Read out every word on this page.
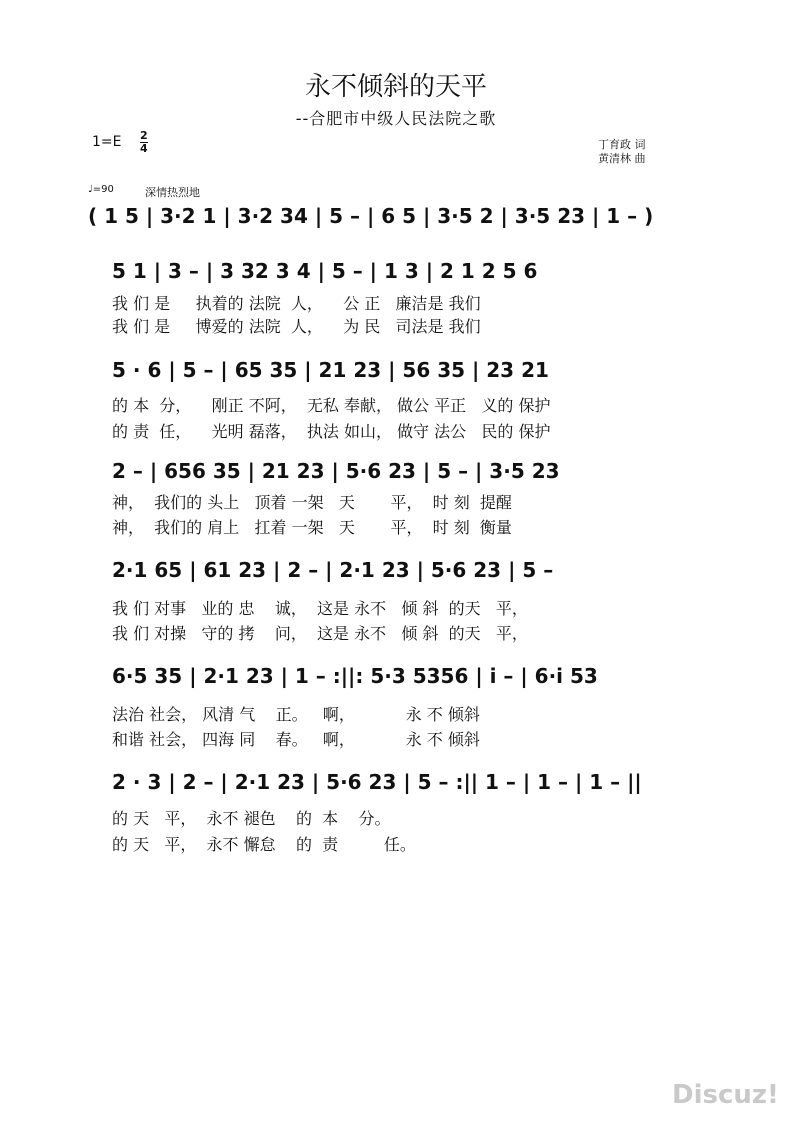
永不倾斜的天平
--合肥市中级人民法院之歌
1=E 2
4	丁育政 词
黄清林 曲
♩=90	深情热烈地
( 1 5 | 3·2 1 | 3·2 34 | 5 – | 6 5 | 3·5 2 | 3·5 23 | 1 – )
5 1 | 3 – | 3 32 3 4 | 5 – | 1 3 | 2 1 2 5 6
我 们 是     执着的 法院  人，    公 正   廉洁是 我们
我 们 是     博爱的 法院  人，    为 民   司法是 我们
5 · 6 | 5 – | 65 35 | 21 23 | 56 35 | 23 21
的 本  分，    刚正 不阿，  无私 奉献， 做公 平正   义的 保护
的 责  任，    光明 磊落，  执法 如山， 做守 法公   民的 保护
2 – | 656 35 | 21 23 | 5·6 23 | 5 – | 3·5 23
神，  我们的 头上   顶着 一架   天       平，  时 刻  提醒
神，  我们的 肩上   扛着 一架   天       平，  时 刻  衡量
2·1 65 | 61 23 | 2 – | 2·1 23 | 5·6 23 | 5 –
我 们 对事   业的 忠    诚，  这是 永不   倾 斜  的天   平，
我 们 对操   守的 拷    问，  这是 永不   倾 斜  的天   平，
6·5 35 | 2·1 23 | 1 – :||: 5·3 5356 | i – | 6·i 53
法治 社会， 风清 气    正。   啊，          永 不 倾斜
和谐 社会， 四海 同    春。   啊，          永 不 倾斜
2 · 3 | 2 – | 2·1 23 | 5·6 23 | 5 – :|| 1 – | 1 – | 1 – ||
的 天   平，  永不 褪色    的  本    分。
的 天   平，  永不 懈怠    的  责         任。
Discuz!
